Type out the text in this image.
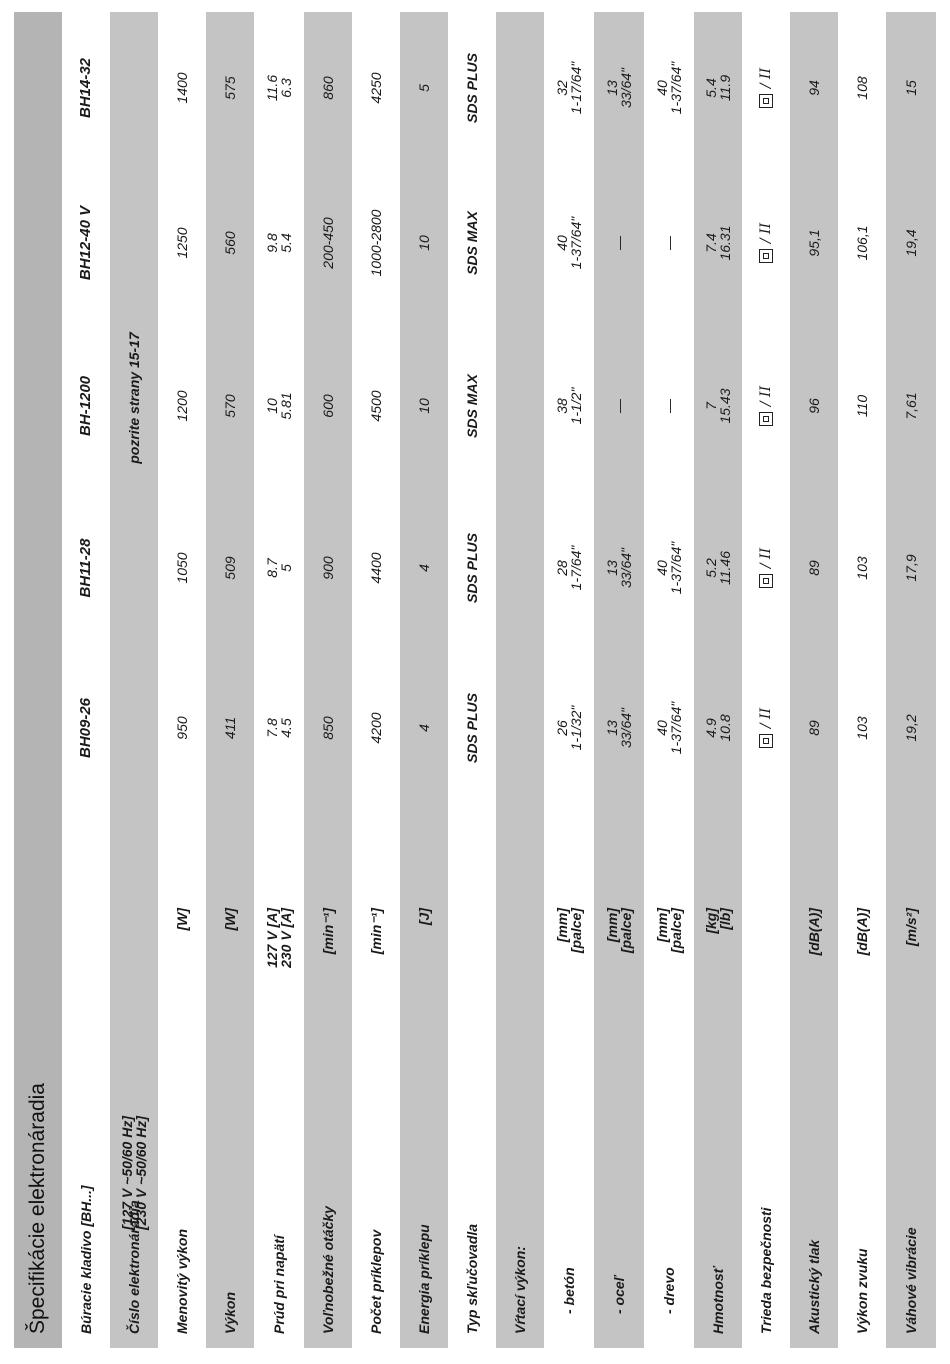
Špecifikácie elektronáradia	Búracie kladivo [BH...]
BH09-26
BH11-28
BH-1200
BH12-40 V
BH14-32
Číslo elektronáradia
[127 V ~50/60 Hz]
[230 V ~50/60 Hz]
pozrite strany 15-17
Menovitý výkon
[W]
950
1050
1200
1250
1400
Výkon
[W]
411
509
570
560
575
Prúd pri napätí
127 V [A]
230 V [A]
7.8
4.5
8.7
5
10
5.81
9.8
5.4
11.6
6.3
Voľnobežné otáčky
[min⁻¹]
850
900
600
200-450
860
Počet príklepov
[min⁻¹]
4200
4400
4500
1000-2800
4250
Energia príklepu
[J]
4
4
10
10
5
Typ skľučovadla
SDS PLUS
SDS PLUS
SDS MAX
SDS MAX
SDS PLUS
Vŕtací výkon:	- betón
[mm]
[palce]
26
1-1/32"
28
1-7/64"
38
1-1/2"
40
1-37/64"
32
1-17/64"
- oceľ
[mm]
[palce]
13
33/64"
13
33/64"
—
—
13
33/64"
- drevo
[mm]
[palce]
40
1-37/64"
40
1-37/64"
—
—
40
1-37/64"
Hmotnosť
[kg]
[lb]
4.9
10.8
5.2
11.46
7
15.43
7.4
16.31
5.4
11.9
Trieda bezpečnosti
/ II
/ II
/ II
/ II
/ II
Akustický tlak
[dB(A)]
89
89
96
95,1
94
Výkon zvuku
[dB(A)]
103
103
110
106,1
108
Váhové vibrácie
[m/s²]
19,2
17,9
7,61
19,4
15
